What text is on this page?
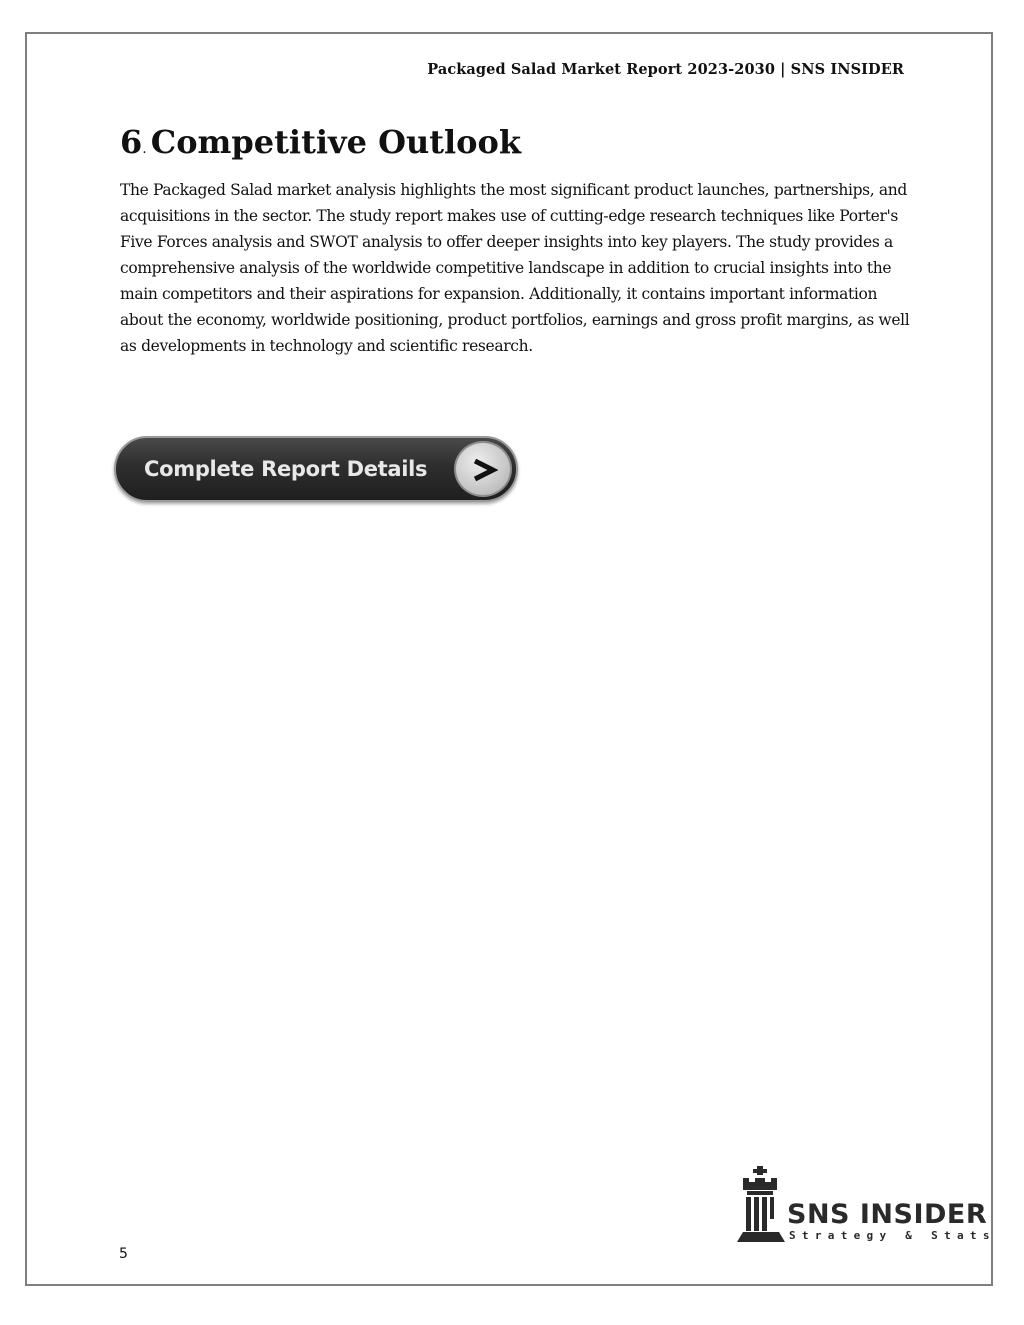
Packaged Salad Market Report 2023-2030 | SNS INSIDER
6. Competitive Outlook

The Packaged Salad market analysis highlights the most significant product launches, partnerships, and acquisitions in the sector. The study report makes use of cutting-edge research techniques like Porter's Five Forces analysis and SWOT analysis to offer deeper insights into key players. The study provides a comprehensive analysis of the worldwide competitive landscape in addition to crucial insights into the main competitors and their aspirations for expansion. Additionally, it contains important information about the economy, worldwide positioning, product portfolios, earnings and gross profit margins, as well as developments in technology and scientific research.

Complete Report Details
5
SNS INSIDER
Strategy & Stats
